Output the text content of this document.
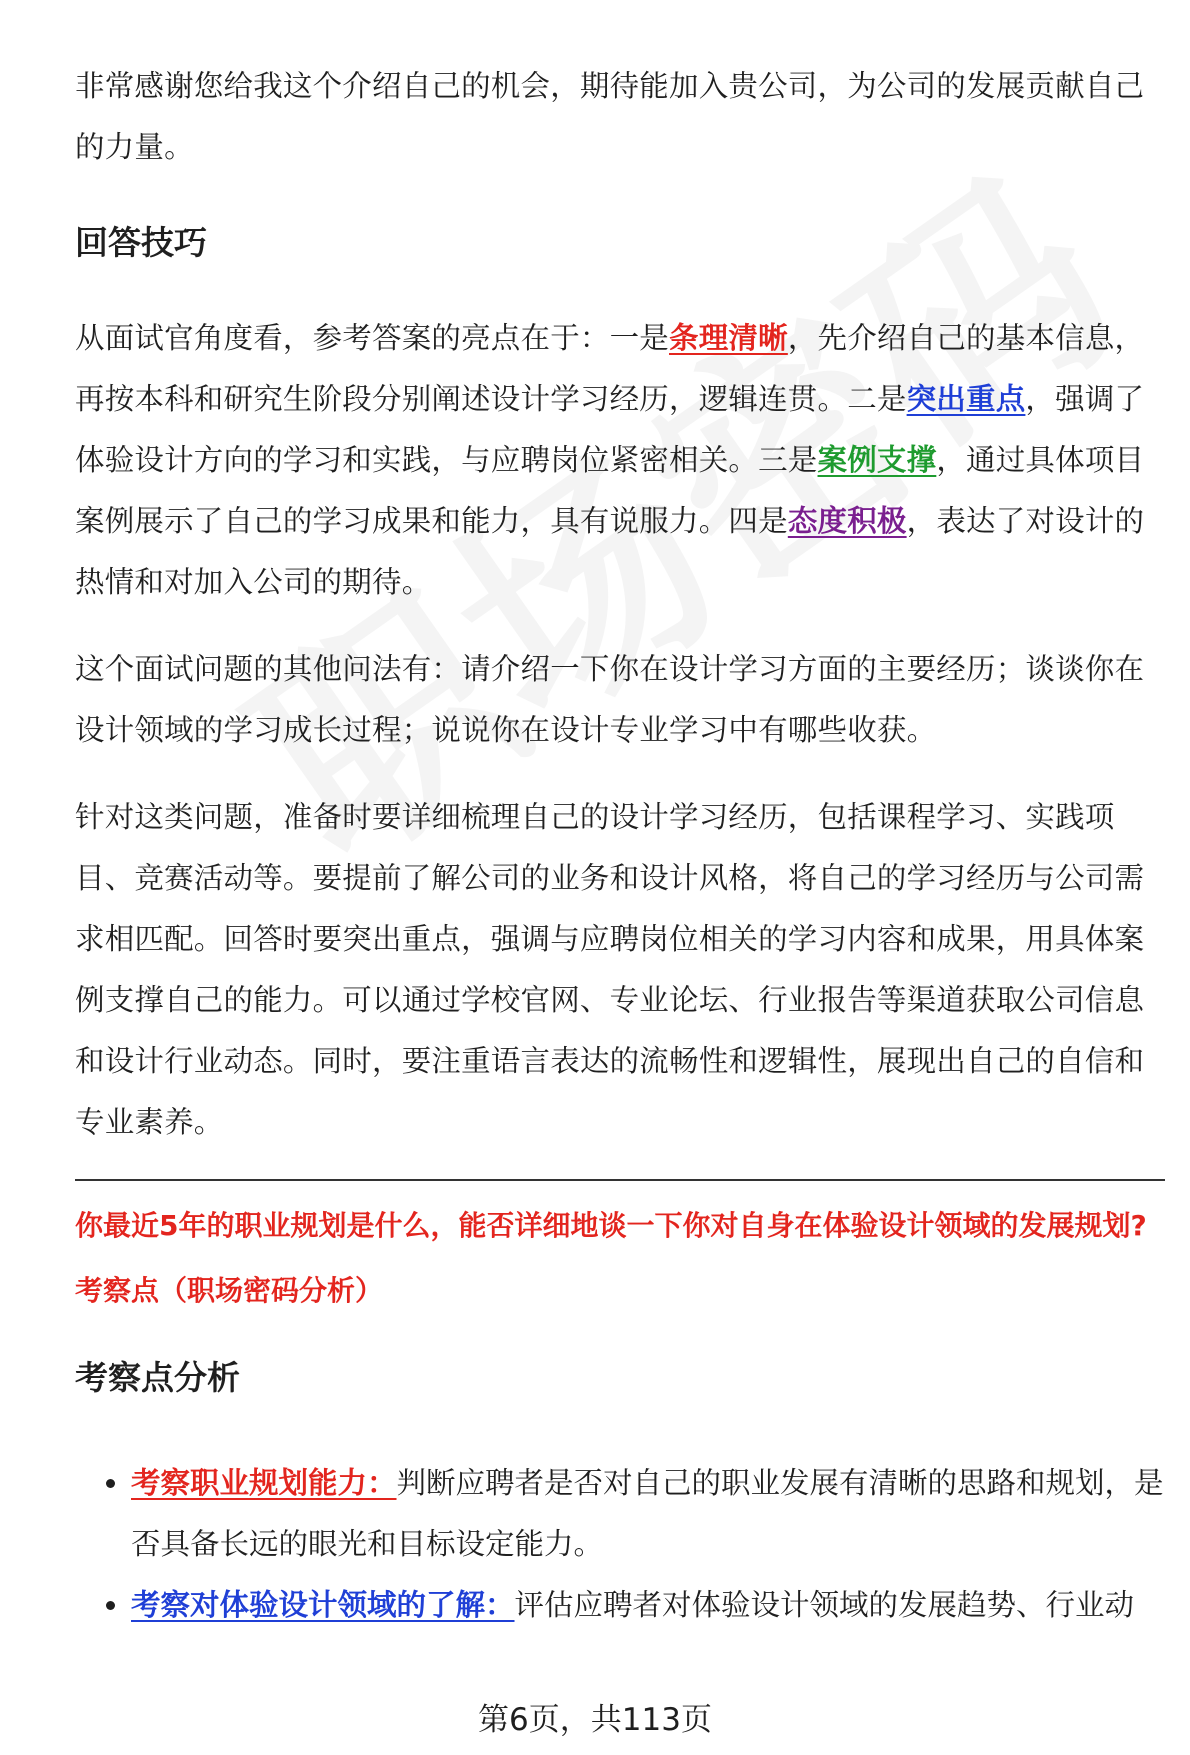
非常感谢您给我这个介绍自己的机会，期待能加入贵公司，为公司的发展贡献自己的力量。

回答技巧

从面试官角度看，参考答案的亮点在于：一是条理清晰，先介绍自己的基本信息，再按本科和研究生阶段分别阐述设计学习经历，逻辑连贯。二是突出重点，强调了体验设计方向的学习和实践，与应聘岗位紧密相关。三是案例支撑，通过具体项目案例展示了自己的学习成果和能力，具有说服力。四是态度积极，表达了对设计的热情和对加入公司的期待。

这个面试问题的其他问法有：请介绍一下你在设计学习方面的主要经历；谈谈你在设计领域的学习成长过程；说说你在设计专业学习中有哪些收获。

针对这类问题，准备时要详细梳理自己的设计学习经历，包括课程学习、实践项目、竞赛活动等。要提前了解公司的业务和设计风格，将自己的学习经历与公司需求相匹配。回答时要突出重点，强调与应聘岗位相关的学习内容和成果，用具体案例支撑自己的能力。可以通过学校官网、专业论坛、行业报告等渠道获取公司信息和设计行业动态。同时，要注重语言表达的流畅性和逻辑性，展现出自己的自信和专业素养。

你最近5年的职业规划是什么，能否详细地谈一下你对自身在体验设计领域的发展规划?
考察点（职场密码分析）
考察点分析
• 考察职业规划能力：判断应聘者是否对自己的职业发展有清晰的思路和规划，是否具备长远的眼光和目标设定能力。
• 考察对体验设计领域的了解：评估应聘者对体验设计领域的发展趋势、行业动
第6页，共113页
